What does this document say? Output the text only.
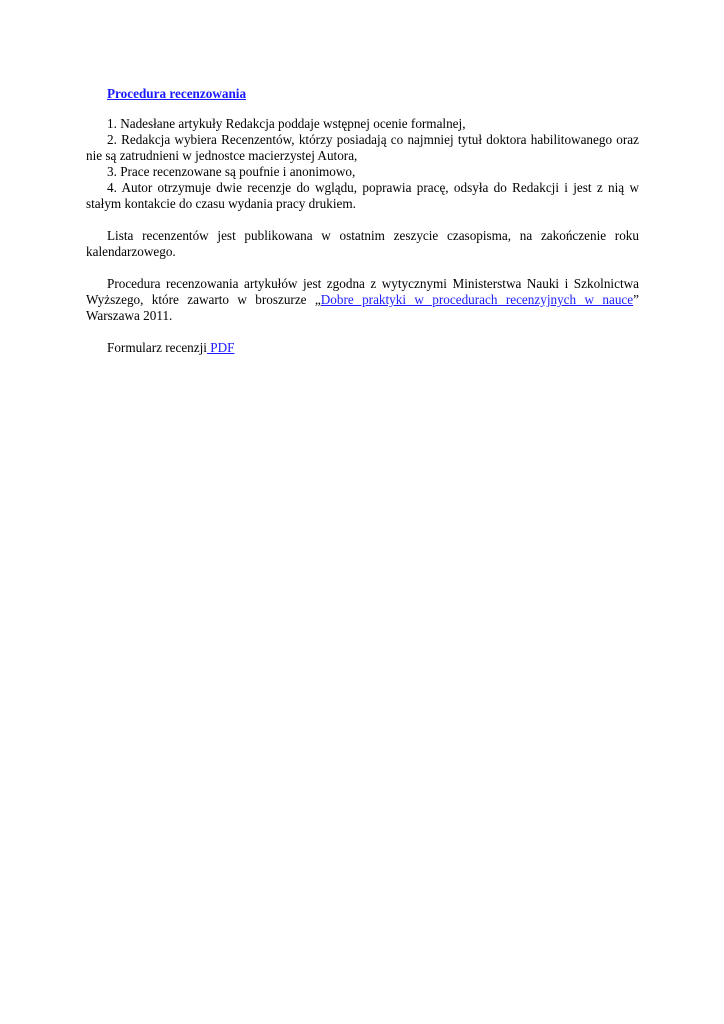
Procedura recenzowania
1. Nadesłane artykuły Redakcja poddaje wstępnej ocenie formalnej,
2. Redakcja wybiera Recenzentów, którzy posiadają co najmniej tytuł doktora habilitowanego oraz nie są zatrudnieni w jednostce macierzystej Autora,
3. Prace recenzowane są poufnie i anonimowo,
4. Autor otrzymuje dwie recenzje do wglądu, poprawia pracę, odsyła do Redakcji i jest z nią w stałym kontakcie do czasu wydania pracy drukiem.
Lista recenzentów jest publikowana w ostatnim zeszycie czasopisma, na zakończenie roku kalendarzowego.
Procedura recenzowania artykułów jest zgodna z wytycznymi Ministerstwa Nauki i Szkolnictwa Wyższego, które zawarto w broszurze „Dobre praktyki w procedurach recenzyjnych w nauce” Warszawa 2011.
Formularz recenzji PDF
